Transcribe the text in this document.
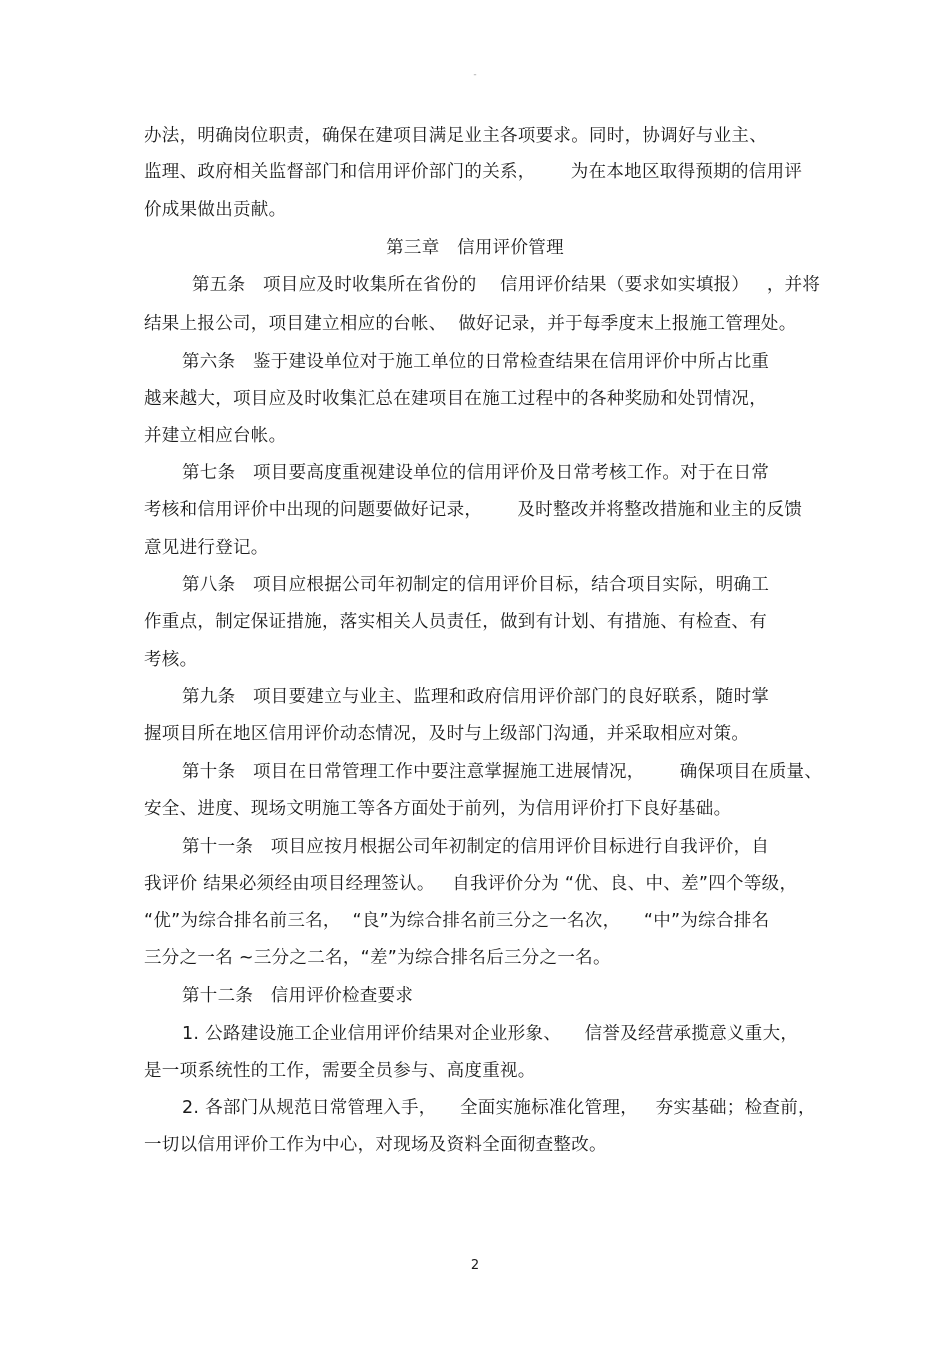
-
办法，明确岗位职责，确保在建项目满足业主各项要求。同时，协调好与业主、
监理、政府相关监督部门和信用评价部门的关系，      为在本地区取得预期的信用评
价成果做出贡献。
第三章   信用评价管理
第五条   项目应及时收集所在省份的    信用评价结果（要求如实填报）   ，并将
结果上报公司，项目建立相应的台帐、  做好记录，并于每季度末上报施工管理处。
第六条   鉴于建设单位对于施工单位的日常检查结果在信用评价中所占比重
越来越大，项目应及时收集汇总在建项目在施工过程中的各种奖励和处罚情况，
并建立相应台帐。
第七条   项目要高度重视建设单位的信用评价及日常考核工作。对于在日常
考核和信用评价中出现的问题要做好记录，      及时整改并将整改措施和业主的反馈
意见进行登记。
第八条   项目应根据公司年初制定的信用评价目标，结合项目实际，明确工
作重点，制定保证措施，落实相关人员责任，做到有计划、有措施、有检查、有
考核。
第九条   项目要建立与业主、监理和政府信用评价部门的良好联系，随时掌
握项目所在地区信用评价动态情况，及时与上级部门沟通，并采取相应对策。
第十条   项目在日常管理工作中要注意掌握施工进展情况，      确保项目在质量、
安全、进度、现场文明施工等各方面处于前列，为信用评价打下良好基础。
第十一条   项目应按月根据公司年初制定的信用评价目标进行自我评价，自
我评价 结果必须经由项目经理签认。   自我评价分为 “优、良、中、差”四个等级，
“优”为综合排名前三名，  “良”为综合排名前三分之一名次，    “中”为综合排名
三分之一名 ~三分之二名，“差”为综合排名后三分之一名。
第十二条   信用评价检查要求
1. 公路建设施工企业信用评价结果对企业形象、    信誉及经营承揽意义重大，
是一项系统性的工作，需要全员参与、高度重视。
2. 各部门从规范日常管理入手，    全面实施标准化管理，   夯实基础；检查前，
一切以信用评价工作为中心，对现场及资料全面彻查整改。
2
